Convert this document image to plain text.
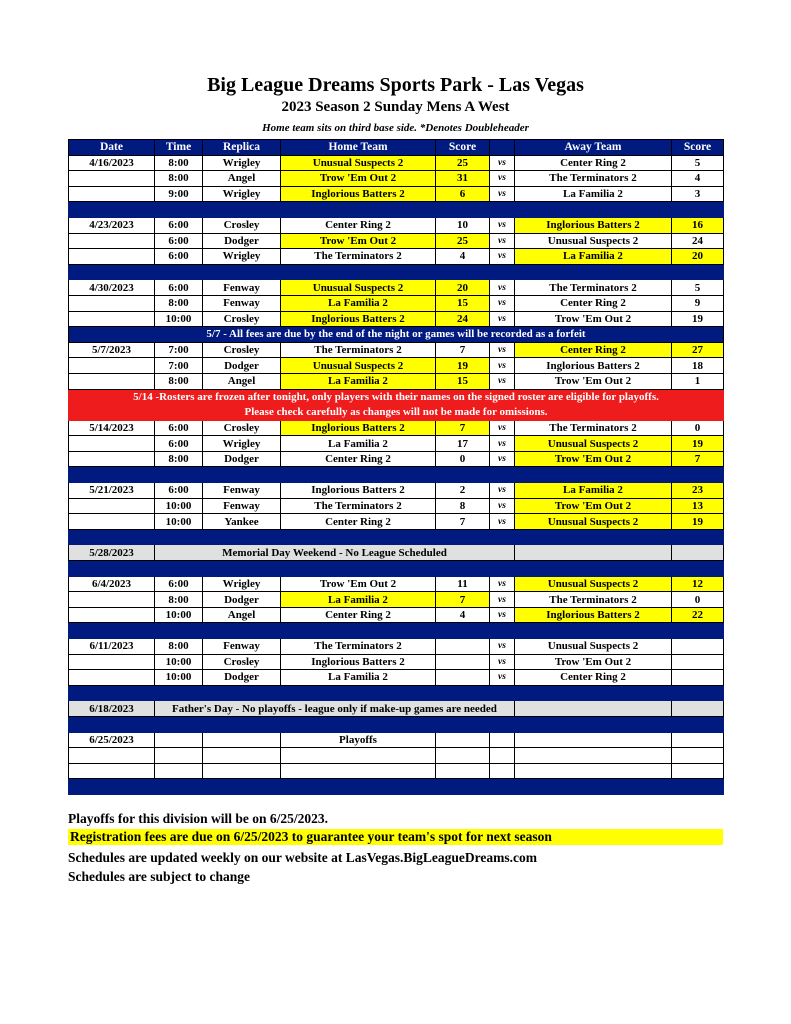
Big League Dreams Sports Park - Las Vegas
2023 Season 2 Sunday Mens A West
Home team sits on third base side. *Denotes Doubleheader
Date	Time	Replica	Home Team	Score		Away Team	Score
4/16/2023	8:00	Wrigley	Unusual Suspects 2	25	vs	Center Ring 2	5
	8:00	Angel	Trow 'Em Out 2	31	vs	The Terminators 2	4
	9:00	Wrigley	Inglorious Batters 2	6	vs	La Familia 2	3

4/23/2023	6:00	Crosley	Center Ring 2	10	vs	Inglorious Batters 2	16
	6:00	Dodger	Trow 'Em Out 2	25	vs	Unusual Suspects 2	24
	6:00	Wrigley	The Terminators 2	4	vs	La Familia 2	20

4/30/2023	6:00	Fenway	Unusual Suspects 2	20	vs	The Terminators 2	5
	8:00	Fenway	La Familia 2	15	vs	Center Ring 2	9
	10:00	Crosley	Inglorious Batters 2	24	vs	Trow 'Em Out 2	19
5/7 - All fees are due by the end of the night or games will be recorded as a forfeit							
5/7/2023	7:00	Crosley	The Terminators 2	7	vs	Center Ring 2	27
	7:00	Dodger	Unusual Suspects 2	19	vs	Inglorious Batters 2	18
	8:00	Angel	La Familia 2	15	vs	Trow 'Em Out 2	1
5/14 -Rosters are frozen after tonight, only players with their names on the signed roster are eligible for playoffs.							
Please check carefully as changes will not be made for omissions.							
5/14/2023	6:00	Crosley	Inglorious Batters 2	7	vs	The Terminators 2	0
	6:00	Wrigley	La Familia 2	17	vs	Unusual Suspects 2	19
	8:00	Dodger	Center Ring 2	0	vs	Trow 'Em Out 2	7

5/21/2023	6:00	Fenway	Inglorious Batters 2	2	vs	La Familia 2	23
	10:00	Fenway	The Terminators 2	8	vs	Trow 'Em Out 2	13
	10:00	Yankee	Center Ring 2	7	vs	Unusual Suspects 2	19

5/28/2023	Memorial Day Weekend - No League Scheduled						

6/4/2023	6:00	Wrigley	Trow 'Em Out 2	11	vs	Unusual Suspects 2	12
	8:00	Dodger	La Familia 2	7	vs	The Terminators 2	0
	10:00	Angel	Center Ring 2	4	vs	Inglorious Batters 2	22

6/11/2023	8:00	Fenway	The Terminators 2		vs	Unusual Suspects 2	
	10:00	Crosley	Inglorious Batters 2		vs	Trow 'Em Out 2	
	10:00	Dodger	La Familia 2		vs	Center Ring 2	

6/18/2023	Father's Day - No playoffs - league only if make-up games are needed						

6/25/2023			Playoffs				

Playoffs for this division will be on 6/25/2023.
Registration fees are due on 6/25/2023 to guarantee your team's spot for next season
Schedules are updated weekly on our website at LasVegas.BigLeagueDreams.com
Schedules are subject to change
